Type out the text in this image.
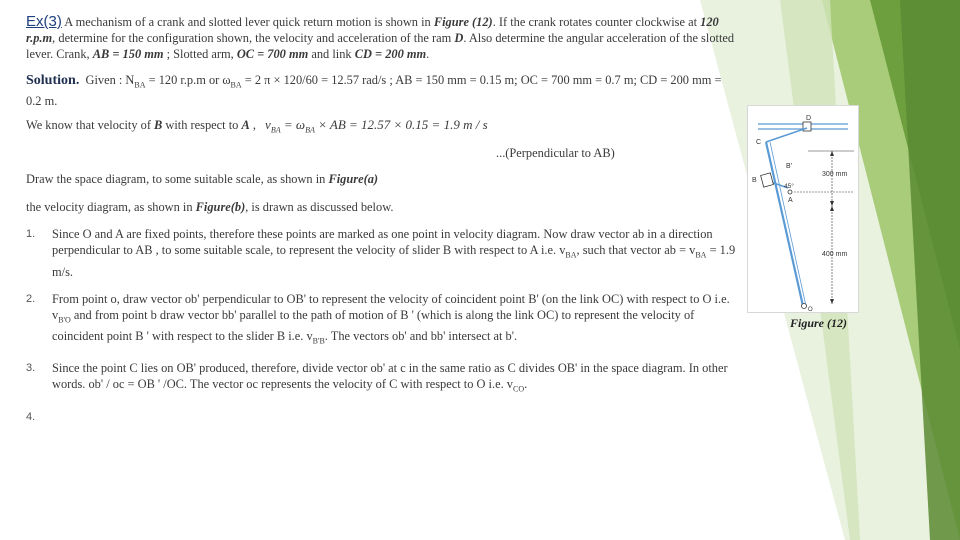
Ex(3) A mechanism of a crank and slotted lever quick return motion is shown in Figure (12). If the crank rotates counter clockwise at 120 r.p.m, determine for the configuration shown, the velocity and acceleration of the ram D. Also determine the angular acceleration of the slotted lever. Crank, AB = 150 mm ; Slotted arm, OC = 700 mm and link CD = 200 mm.

Solution. Given : $N_{BA} = 120$ r.p.m or $\omega_{BA} = 2$ π × 120/60 = 12.57 rad/s ; AB = 150 mm = 0.15 m; OC = 700 mm = 0.7 m; CD = 200 mm = 0.2 m.

We know that velocity of B with respect to A , $v_{BA} = \omega_{BA}$ × AB = 12.57 × 0.15 = 1.9 m / s

...(Perpendicular to AB)

Draw the space diagram, to some suitable scale, as shown in Figure(a)

the velocity diagram, as shown in Figure(b), is drawn as discussed below.

1. Since O and A are fixed points, therefore these points are marked as one point in velocity diagram. Now draw vector ab in a direction perpendicular to AB , to some suitable scale, to represent the velocity of slider B with respect to A i.e. $v_{BA}$, such that vector ab = $v_{BA} = 1.9$ m/s.
2. From point o, draw vector ob' perpendicular to OB' to represent the velocity of coincident point B' (on the link OC) with respect to O i.e. $v_{B'O}$ and from point b draw vector bb' parallel to the path of motion of B ' (which is along the link OC) to represent the velocity of coincident point B ' with respect to the slider B i.e. $v_{B'B}$. The vectors ob' and bb' intersect at b'.
3. Since the point C lies on OB' produced, therefore, divide vector ob' at c in the same ratio as C divides OB' in the space diagram. In other words. ob' / oc = OB ' /OC. The vector oc represents the velocity of C with respect to O i.e. $v_{CO}$.
4.
D
C
B'
B
45°
A
300 mm
400 mm
O
Figure (12)
